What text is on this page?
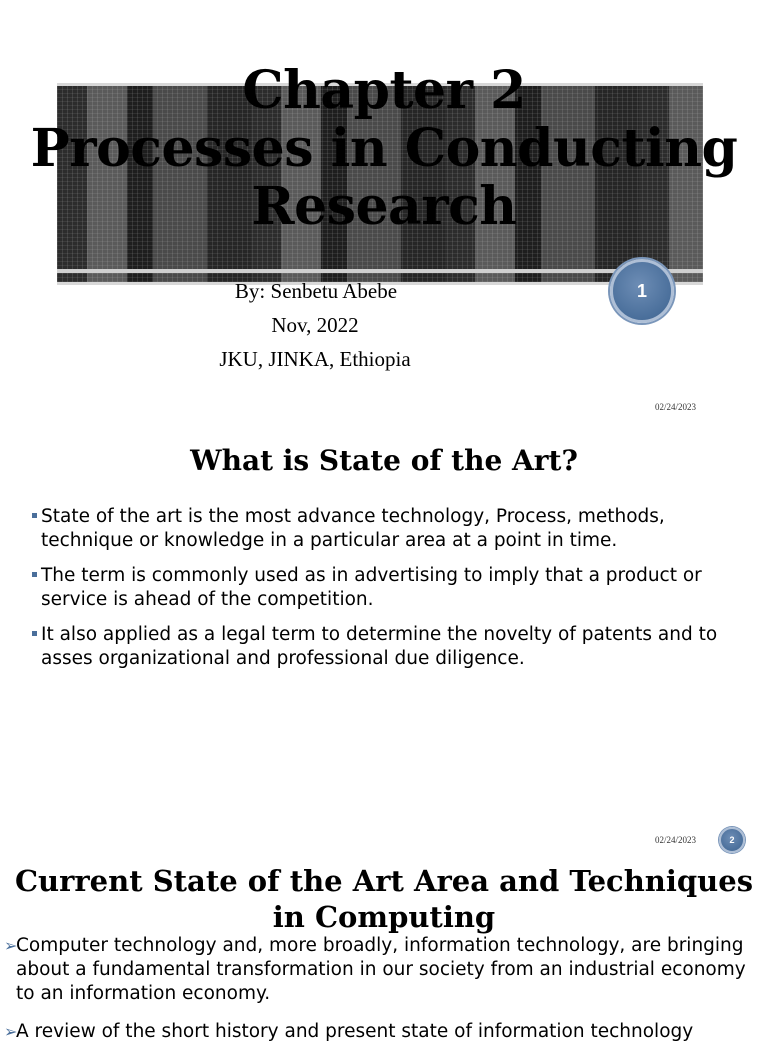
Chapter 2
Processes in Conducting
Research
By: Senbetu Abebe
Nov, 2022
JKU, JINKA, Ethiopia
1
02/24/2023
What is State of the Art?
State of the art is the most advance technology, Process, methods, technique or knowledge in a particular area at a point in time.
The term is commonly used as in advertising to imply that a product or service is ahead of the competition.
It also applied as a legal term to determine the novelty of patents and to asses organizational and professional due diligence.
02/24/2023	2
Current State of the Art Area and Techniques
in Computing
➢
Computer technology and, more broadly, information technology, are bringing about a fundamental transformation in our society from an industrial economy to an information economy.
➢
A review of the short history and present state of information technology
